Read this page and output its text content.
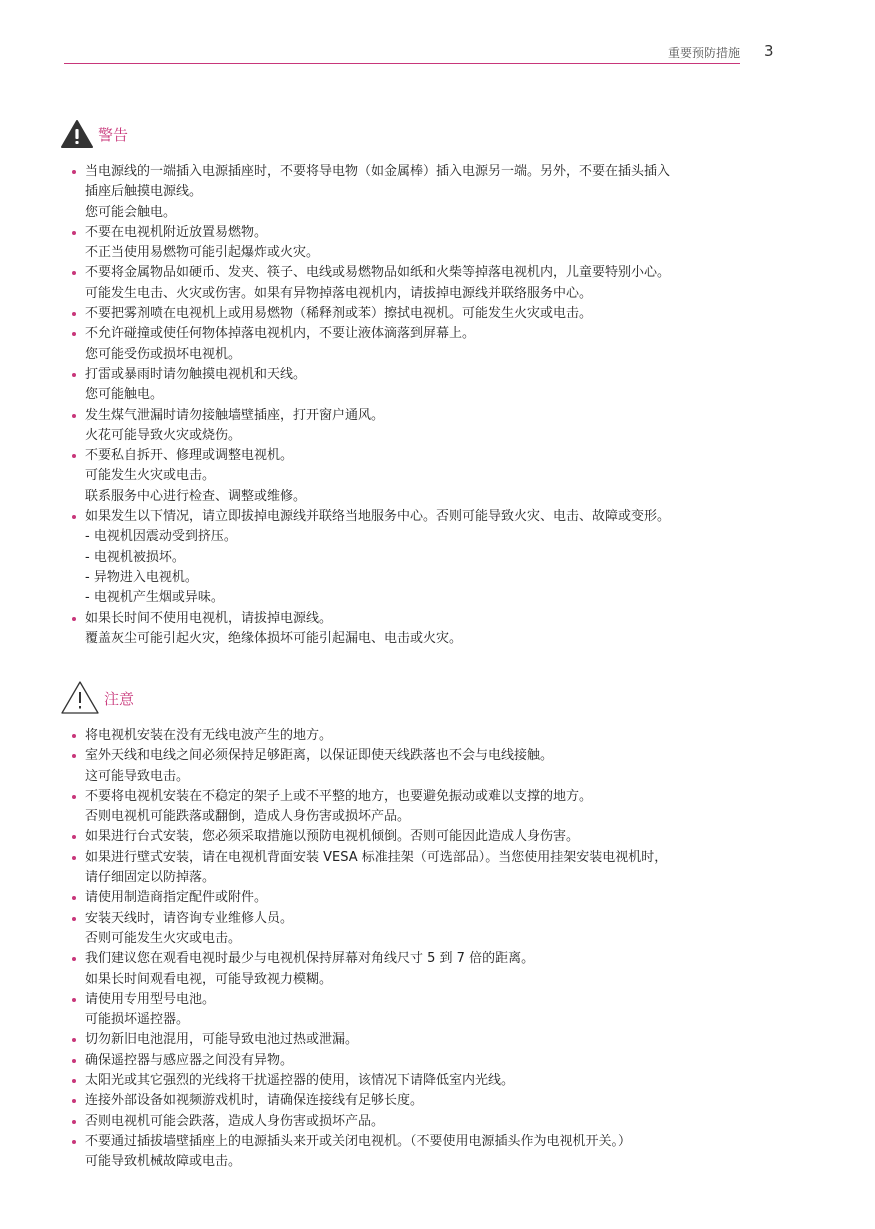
重要预防措施 3
警告
当电源线的一端插入电源插座时，不要将导电物（如金属棒）插入电源另一端。另外，不要在插头插入
插座后触摸电源线。
您可能会触电。
不要在电视机附近放置易燃物。
不正当使用易燃物可能引起爆炸或火灾。
不要将金属物品如硬币、发夹、筷子、电线或易燃物品如纸和火柴等掉落电视机内，儿童要特别小心。
可能发生电击、火灾或伤害。如果有异物掉落电视机内，请拔掉电源线并联络服务中心。
不要把雾剂喷在电视机上或用易燃物（稀释剂或苯）擦拭电视机。可能发生火灾或电击。
不允许碰撞或使任何物体掉落电视机内，不要让液体滴落到屏幕上。
您可能受伤或损坏电视机。
打雷或暴雨时请勿触摸电视机和天线。
您可能触电。
发生煤气泄漏时请勿接触墙壁插座，打开窗户通风。
火花可能导致火灾或烧伤。
不要私自拆开、修理或调整电视机。
可能发生火灾或电击。
联系服务中心进行检查、调整或维修。
如果发生以下情况，请立即拔掉电源线并联络当地服务中心。否则可能导致火灾、电击、故障或变形。
- 电视机因震动受到挤压。
- 电视机被损坏。
- 异物进入电视机。
- 电视机产生烟或异味。
如果长时间不使用电视机，请拔掉电源线。
覆盖灰尘可能引起火灾，绝缘体损坏可能引起漏电、电击或火灾。
注意
将电视机安装在没有无线电波产生的地方。
室外天线和电线之间必须保持足够距离，以保证即使天线跌落也不会与电线接触。
这可能导致电击。
不要将电视机安装在不稳定的架子上或不平整的地方，也要避免振动或难以支撑的地方。
否则电视机可能跌落或翻倒，造成人身伤害或损坏产品。
如果进行台式安装，您必须采取措施以预防电视机倾倒。否则可能因此造成人身伤害。
如果进行壁式安装，请在电视机背面安装 VESA 标准挂架（可选部品）。当您使用挂架安装电视机时，
请仔细固定以防掉落。
请使用制造商指定配件或附件。
安装天线时，请咨询专业维修人员。
否则可能发生火灾或电击。
我们建议您在观看电视时最少与电视机保持屏幕对角线尺寸 5 到 7 倍的距离。
如果长时间观看电视，可能导致视力模糊。
请使用专用型号电池。
可能损坏遥控器。
切勿新旧电池混用，可能导致电池过热或泄漏。
确保遥控器与感应器之间没有异物。
太阳光或其它强烈的光线将干扰遥控器的使用，该情况下请降低室内光线。
连接外部设备如视频游戏机时，请确保连接线有足够长度。
否则电视机可能会跌落，造成人身伤害或损坏产品。
不要通过插拔墙壁插座上的电源插头来开或关闭电视机。（不要使用电源插头作为电视机开关。）
可能导致机械故障或电击。
